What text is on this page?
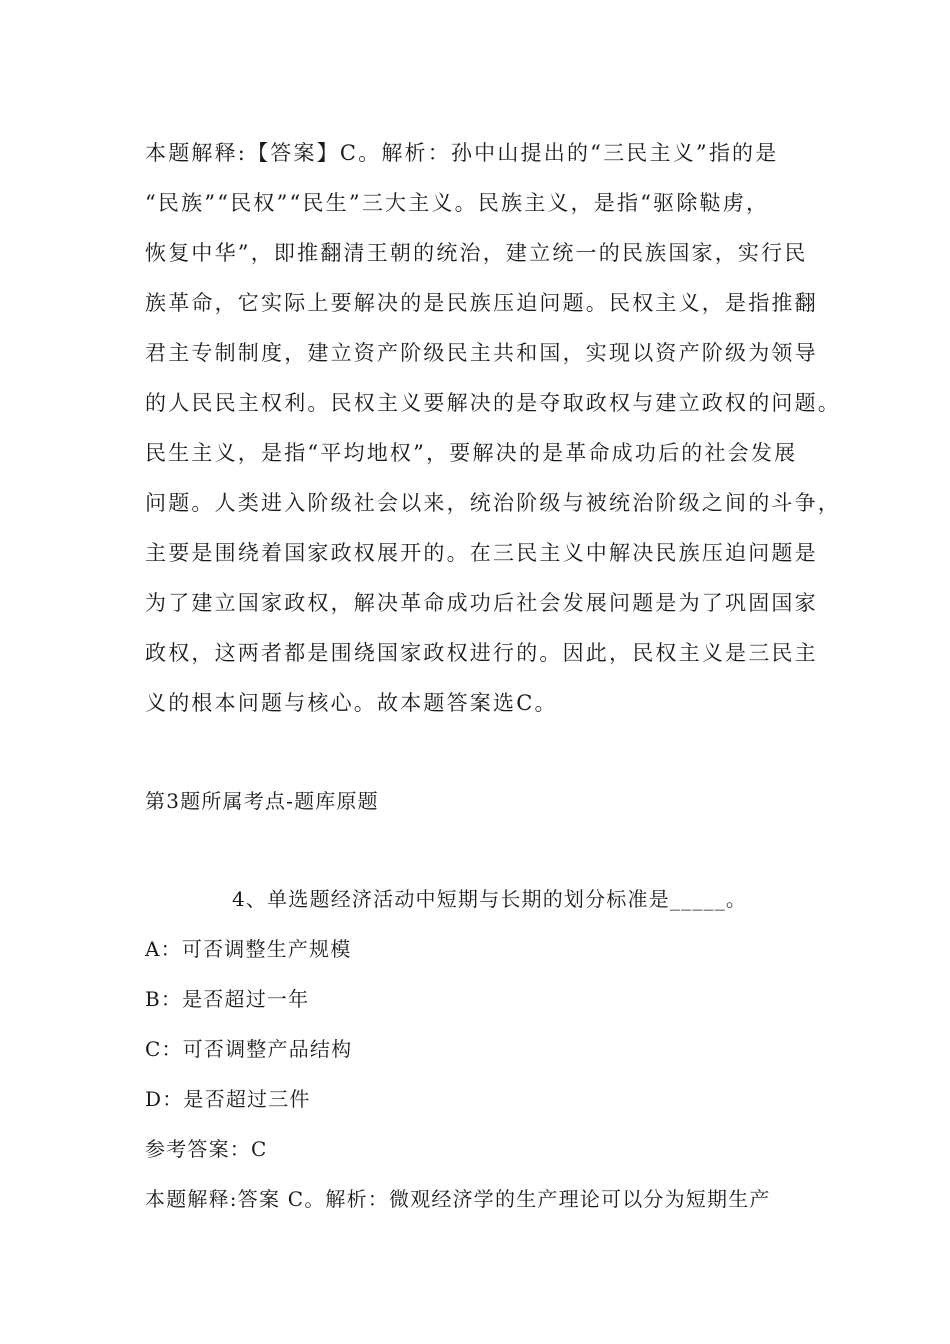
本题解释:【答案】C。解析：孙中山提出的“三民主义”指的是
“民族”“民权”“民生”三大主义。民族主义，是指“驱除鞑虏，
恢复中华”，即推翻清王朝的统治，建立统一的民族国家，实行民
族革命，它实际上要解决的是民族压迫问题。民权主义，是指推翻
君主专制制度，建立资产阶级民主共和国，实现以资产阶级为领导
的人民民主权利。民权主义要解决的是夺取政权与建立政权的问题。
民生主义，是指“平均地权”，要解决的是革命成功后的社会发展
问题。人类进入阶级社会以来，统治阶级与被统治阶级之间的斗争，
主要是围绕着国家政权展开的。在三民主义中解决民族压迫问题是
为了建立国家政权，解决革命成功后社会发展问题是为了巩固国家
政权，这两者都是围绕国家政权进行的。因此，民权主义是三民主
义的根本问题与核心。故本题答案选C。
第3题所属考点-题库原题
4、单选题经济活动中短期与长期的划分标准是_____。
A：可否调整生产规模
B：是否超过一年
C：可否调整产品结构
D：是否超过三件
参考答案：C
本题解释:答案 C。解析：微观经济学的生产理论可以分为短期生产
